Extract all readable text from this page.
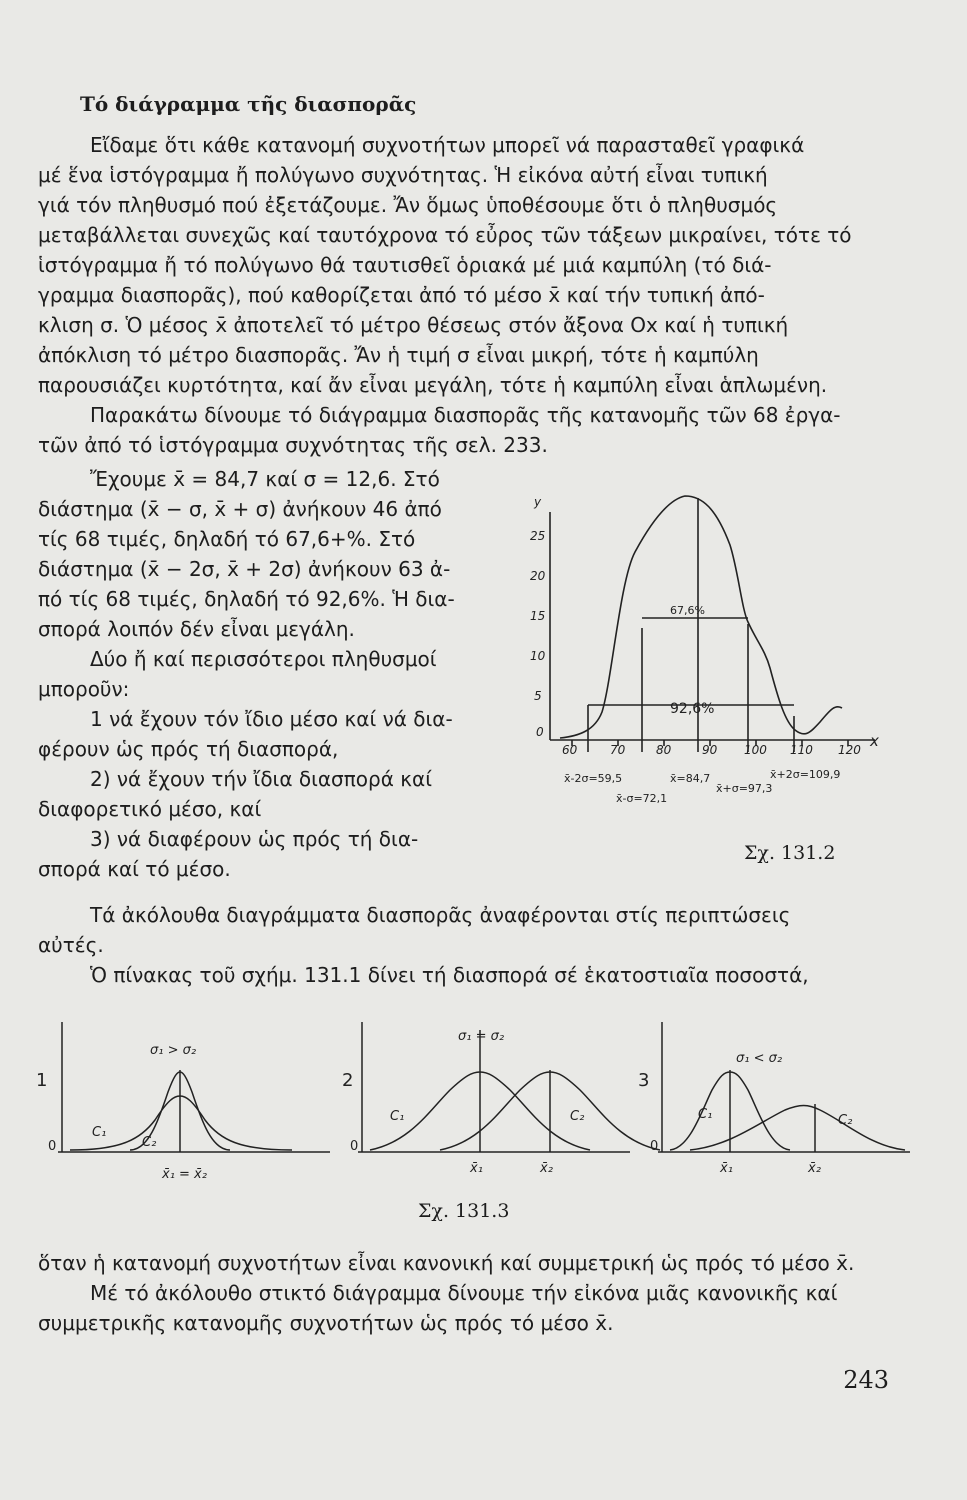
Τό διάγραμμα τῆς διασπορᾶς
Εἴδαμε ὅτι κάθε κατανομή συχνοτήτων μπορεῖ νά παρασταθεῖ γραφικά
μέ ἕνα ἱστόγραμμα ἤ πολύγωνο συχνότητας. Ἡ εἰκόνα αὐτή εἶναι τυπική
γιά τόν πληθυσμό πού ἐξετάζουμε. Ἄν ὅμως ὑποθέσουμε ὅτι ὁ πληθυσμός
μεταβάλλεται συνεχῶς καί ταυτόχρονα τό εὖρος τῶν τάξεων μικραίνει, τότε τό
ἱστόγραμμα ἤ τό πολύγωνο θά ταυτισθεῖ ὁριακά μέ μιά καμπύλη (τό διά-
γραμμα διασπορᾶς), πού καθορίζεται ἀπό τό μέσο x̄ καί τήν τυπική ἀπό-
κλιση σ. Ὁ μέσος x̄ ἀποτελεῖ τό μέτρο θέσεως στόν ἄξονα Ox καί ἡ τυπική
ἀπόκλιση τό μέτρο διασπορᾶς. Ἄν ἡ τιμή σ εἶναι μικρή, τότε ἡ καμπύλη
παρουσιάζει κυρτότητα, καί ἄν εἶναι μεγάλη, τότε ἡ καμπύλη εἶναι ἁπλωμένη.
Παρακάτω δίνουμε τό διάγραμμα διασπορᾶς τῆς κατανομῆς τῶν 68 ἐργα-
τῶν ἀπό τό ἱστόγραμμα συχνότητας τῆς σελ. 233.
Ἔχουμε x̄ = 84,7 καί σ = 12,6. Στό
διάστημα (x̄ − σ, x̄ + σ) ἀνήκουν 46 ἀπό
τίς 68 τιμές, δηλαδή τό 67,6+%. Στό
διάστημα (x̄ − 2σ, x̄ + 2σ) ἀνήκουν 63 ἀ-
πό τίς 68 τιμές, δηλαδή τό 92,6%. Ἡ δια-
σπορά λοιπόν δέν εἶναι μεγάλη.
Δύο ἤ καί περισσότεροι πληθυσμοί
μποροῦν:
1 νά ἔχουν τόν ἴδιο μέσο καί νά δια-
φέρουν ὡς πρός τή διασπορά,
2) νά ἔχουν τήν ἴδια διασπορά καί
διαφορετικό μέσο, καί
3) νά διαφέρουν ὡς πρός τή δια-
σπορά καί τό μέσο.
y
x
25
20
15
10
5
0
60	70	80	90 100 110 120
67,6%
92,6%
x̄-2σ=59,5
x̄-σ=72,1
x̄=84,7
x̄+σ=97,3
x̄+2σ=109,9
Σχ. 131.2
Τά ἀκόλουθα διαγράμματα διασπορᾶς ἀναφέρονται στίς περιπτώσεις
αὐτές.
Ὁ πίνακας τοῦ σχήμ. 131.1 δίνει τή διασπορά σέ ἑκατοστιαῖα ποσοστά,
1
0
σ₁ > σ₂
C₁
C₂
x̄₁ = x̄₂
2
0
σ₁ = σ₂
C₁	C₂
x̄₁	x̄₂
3
0
σ₁ < σ₂
C₁	C₂
x̄₁	x̄₂
Σχ. 131.3
ὅταν ἡ κατανομή συχνοτήτων εἶναι κανονική καί συμμετρική ὡς πρός τό μέσο x̄.
Μέ τό ἀκόλουθο στικτό διάγραμμα δίνουμε τήν εἰκόνα μιᾶς κανονικῆς καί
συμμετρικῆς κατανομῆς συχνοτήτων ὡς πρός τό μέσο x̄.
243
